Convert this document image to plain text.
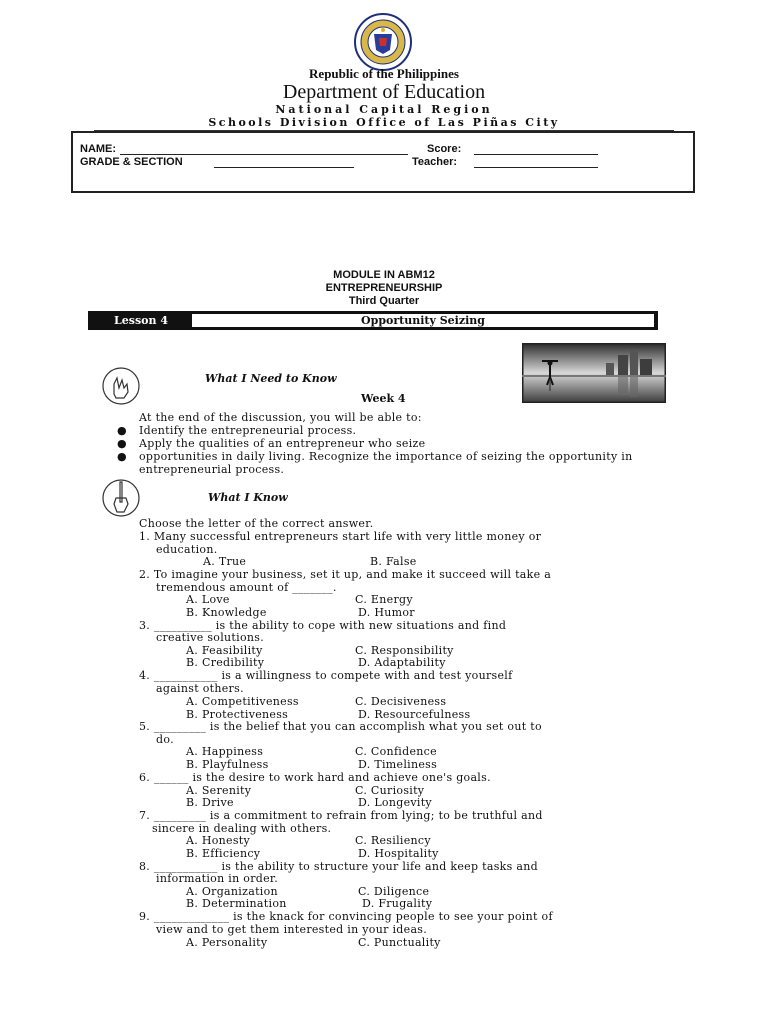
Republic of the Philippines
Department of Education
National Capital Region
Schools Division Office of Las Piñas City
NAME:	Score:
GRADE & SECTION	Teacher:
MODULE IN ABM12
ENTREPRENEURSHIP
Third Quarter
Lesson 4	Opportunity Seizing
What I Need to Know
Week 4
At the end of the discussion, you will be able to:
● Identify the entrepreneurial process.
● Apply the qualities of an entrepreneur who seize
● opportunities in daily living. Recognize the importance of seizing the opportunity in entrepreneurial process.
What I Know
Choose the letter of the correct answer.
1. Many successful entrepreneurs start life with very little money or
education.
A. True	B. False
2. To imagine your business, set it up, and make it succeed will take a
tremendous amount of _______.
A. Love	C. Energy
B. Knowledge	D. Humor
3. __________ is the ability to cope with new situations and find
creative solutions.
A. Feasibility	C. Responsibility
B. Credibility	D. Adaptability
4. ___________ is a willingness to compete with and test yourself
against others.
A. Competitiveness	C. Decisiveness
B. Protectiveness	D. Resourcefulness
5. _________ is the belief that you can accomplish what you set out to
do.
A. Happiness	C. Confidence
B. Playfulness	D. Timeliness
6. ______ is the desire to work hard and achieve one's goals.
A. Serenity	C. Curiosity
B. Drive	D. Longevity
7. _________ is a commitment to refrain from lying; to be truthful and
sincere in dealing with others.
A. Honesty	C. Resiliency
B. Efficiency	D. Hospitality
8. ___________ is the ability to structure your life and keep tasks and
information in order.
A. Organization	C. Diligence
B. Determination	D. Frugality
9. _____________ is the knack for convincing people to see your point of
view and to get them interested in your ideas.
A. Personality	C. Punctuality
